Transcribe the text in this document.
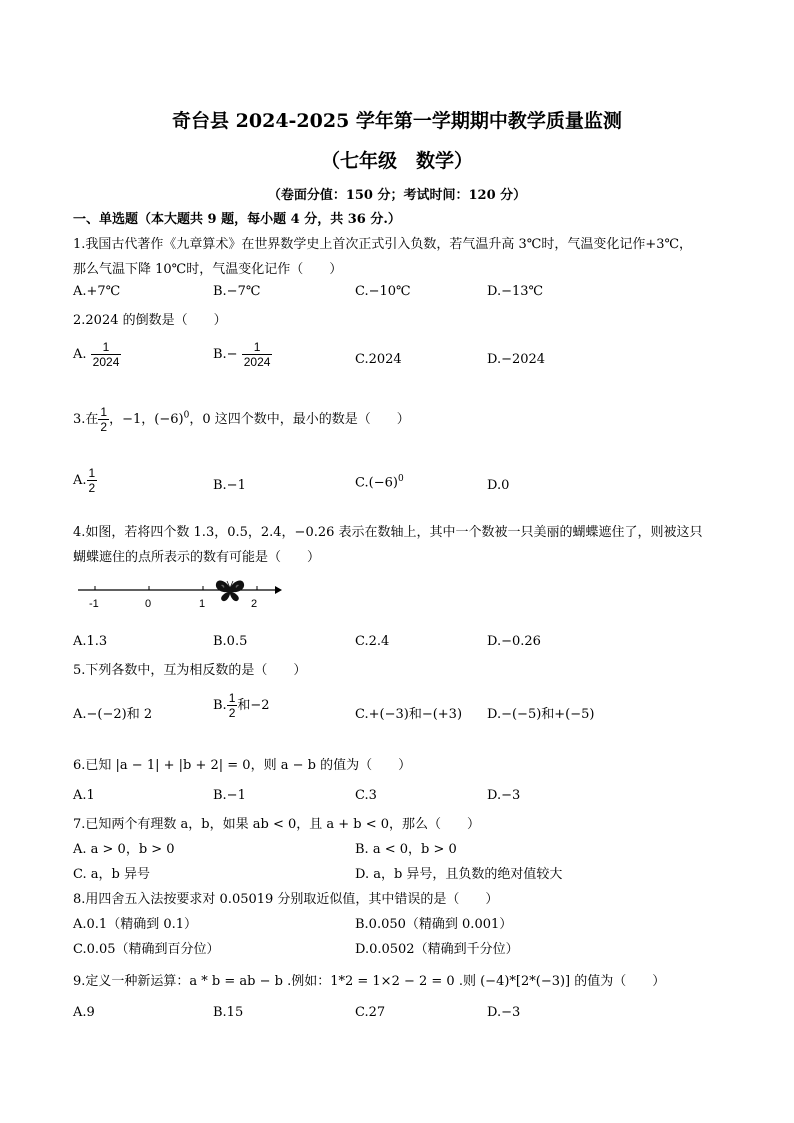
奇台县 2024-2025 学年第一学期期中教学质量监测
（七年级　数学）
（卷面分值：150 分；考试时间：120 分）
一、单选题（本大题共 9 题，每小题 4 分，共 36 分.）
1.我国古代著作《九章算术》在世界数学史上首次正式引入负数，若气温升高 3℃时，气温变化记作+3℃，
那么气温下降 10℃时，气温变化记作（　　）
A.+7℃	B.−7℃	C.−10℃	D.−13℃
2.2024 的倒数是（　　）
A. $\frac{1}{2024}$	$B.- \frac{1}{2024}$	C.2024	D.−2024
3.在 $\frac{1}{2}$ ，−1，$(-6)^0$，0 这四个数中，最小的数是（　　）
A. $\frac{1}{2}$	B.−1	$C.(-6)^0$	D.0
4.如图，若将四个数 1.3，0.5，2.4，−0.26 表示在数轴上，其中一个数被一只美丽的蝴蝶遮住了，则被这只
蝴蝶遮住的点所表示的数有可能是（　　）
-1	0	1	2
A.1.3	B.0.5	C.2.4	D.−0.26
5.下列各数中，互为相反数的是（　　）
A.−(−2)和 2
B. $\frac{1}{2}$ 和−2
C.+(−3)和−(+3) D.−(−5)和+(−5)
6.已知 |a − 1| + |b + 2| = 0，则 a − b 的值为（　　）
A.1	B.−1	C.3	D.−3
7.已知两个有理数 a，b，如果 ab < 0，且 a + b < 0，那么（　　）
A. a > 0，b > 0	B. a < 0，b > 0
C. a，b 异号	D. a，b 异号，且负数的绝对值较大
8.用四舍五入法按要求对 0.05019 分别取近似值，其中错误的是（　　）
A.0.1（精确到 0.1）	B.0.050（精确到 0.001）
C.0.05（精确到百分位）	D.0.0502（精确到千分位）
9.定义一种新运算：a * b = ab − b .例如：1*2 = 1×2 − 2 = 0 .则 (−4)*[2*(−3)] 的值为（　　）
A.9	B.15	C.27	D.−3
